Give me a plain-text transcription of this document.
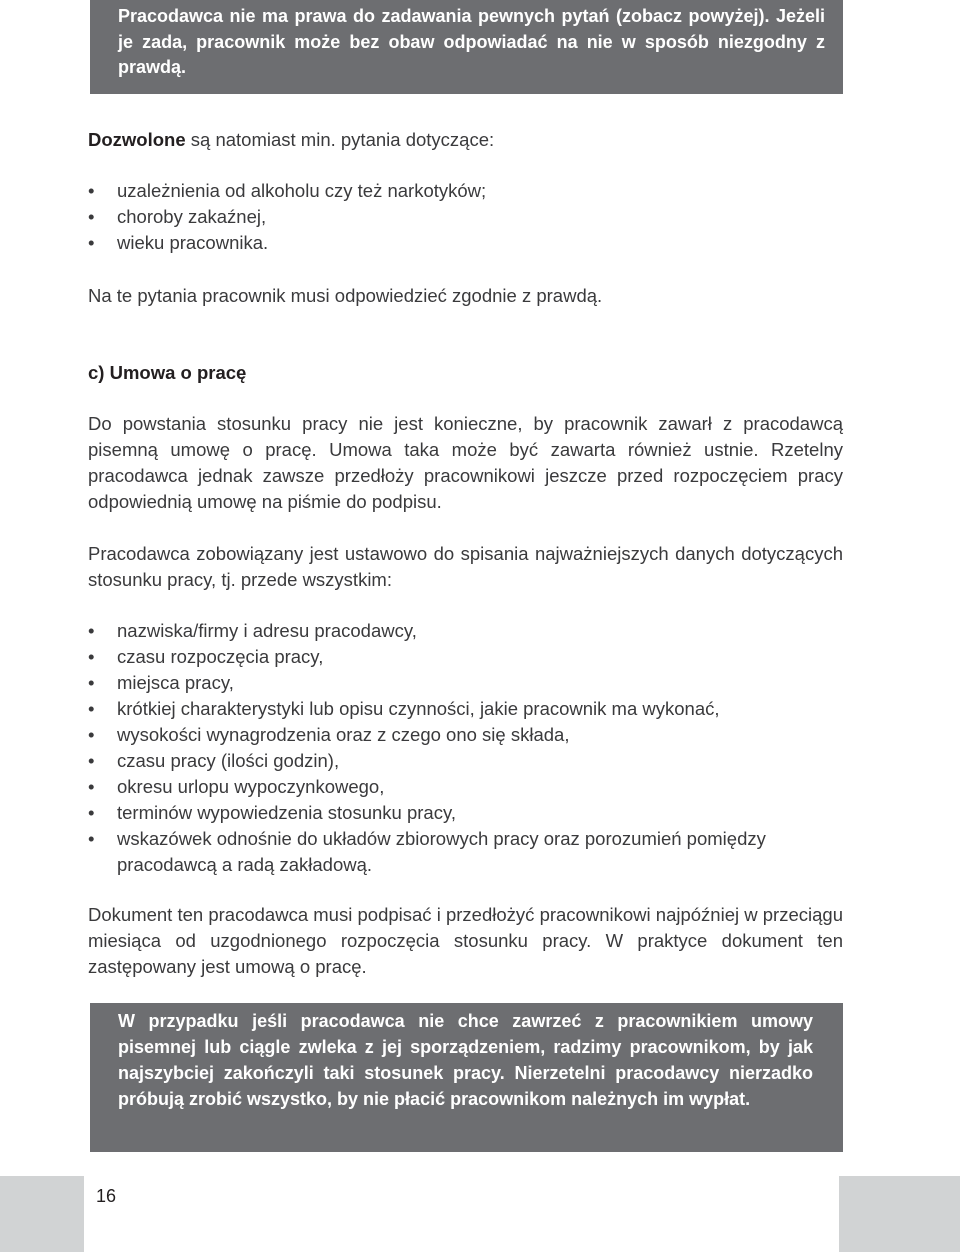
Pracodawca nie ma prawa do zadawania pewnych pytań (zobacz powyżej). Jeżeli je zada, pracownik może bez obaw odpowiadać na nie w sposób niezgodny z prawdą.

Dozwolone są natomiast min. pytania dotyczące:

• uzależnienia od alkoholu czy też narkotyków;
• choroby zakaźnej,
• wieku pracownika.

Na te pytania pracownik musi odpowiedzieć zgodnie z prawdą.

c) Umowa o pracę

Do powstania stosunku pracy nie jest konieczne, by pracownik zawarł z pracodawcą pisemną umowę o pracę. Umowa taka może być zawarta również ustnie. Rzetelny pracodawca jednak zawsze przedłoży pracownikowi jeszcze przed rozpoczęciem pracy odpowiednią umowę na piśmie do podpisu.

Pracodawca zobowiązany jest ustawowo do spisania najważniejszych danych dotyczących stosunku pracy, tj. przede wszystkim:

• nazwiska/firmy i adresu pracodawcy,
• czasu rozpoczęcia pracy,
• miejsca pracy,
• krótkiej charakterystyki lub opisu czynności, jakie pracownik ma wykonać,
• wysokości wynagrodzenia oraz z czego ono się składa,
• czasu pracy (ilości godzin),
• okresu urlopu wypoczynkowego,
• terminów wypowiedzenia stosunku pracy,
• wskazówek odnośnie do układów zbiorowych pracy oraz porozumień pomiędzy pracodawcą a radą zakładową.

Dokument ten pracodawca musi podpisać i przedłożyć pracownikowi najpóźniej w przeciągu miesiąca od uzgodnionego rozpoczęcia stosunku pracy. W praktyce dokument ten zastępowany jest umową o pracę.

W przypadku jeśli pracodawca nie chce zawrzeć z pracownikiem umowy pisemnej lub ciągle zwleka z jej sporządzeniem, radzimy pracownikom, by jak najszybciej zakończyli taki stosunek pracy. Nierzetelni pracodawcy nierzadko próbują zrobić wszystko, by nie płacić pracownikom należnych im wypłat.

16
